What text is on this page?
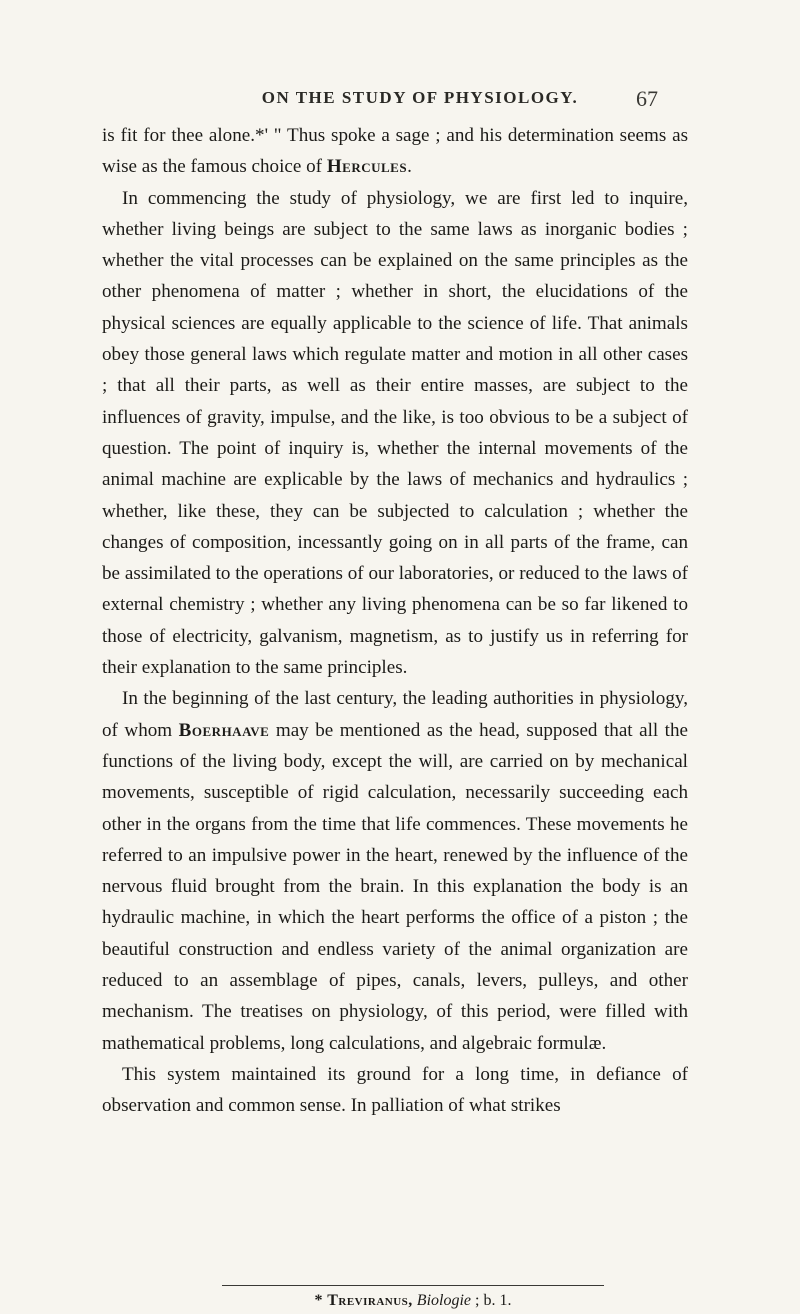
ON THE STUDY OF PHYSIOLOGY.	67

is fit for thee alone.*' " Thus spoke a sage ; and his determination seems as wise as the famous choice of Hercules.

In commencing the study of physiology, we are first led to inquire, whether living beings are subject to the same laws as inorganic bodies ; whether the vital processes can be explained on the same principles as the other phenomena of matter ; whether in short, the elucidations of the physical sciences are equally applicable to the science of life. That animals obey those general laws which regulate matter and motion in all other cases ; that all their parts, as well as their entire masses, are subject to the influences of gravity, impulse, and the like, is too obvious to be a subject of question. The point of inquiry is, whether the internal movements of the animal machine are explicable by the laws of mechanics and hydraulics ; whether, like these, they can be subjected to calculation ; whether the changes of composition, incessantly going on in all parts of the frame, can be assimilated to the operations of our laboratories, or reduced to the laws of external chemistry ; whether any living phenomena can be so far likened to those of electricity, galvanism, magnetism, as to justify us in referring for their explanation to the same principles.

In the beginning of the last century, the leading authorities in physiology, of whom Boerhaave may be mentioned as the head, supposed that all the functions of the living body, except the will, are carried on by mechanical movements, susceptible of rigid calculation, necessarily succeeding each other in the organs from the time that life commences. These movements he referred to an impulsive power in the heart, renewed by the influence of the nervous fluid brought from the brain. In this explanation the body is an hydraulic machine, in which the heart performs the office of a piston ; the beautiful construction and endless variety of the animal organization are reduced to an assemblage of pipes, canals, levers, pulleys, and other mechanism. The treatises on physiology, of this period, were filled with mathematical problems, long calculations, and algebraic formulæ.

This system maintained its ground for a long time, in defiance of observation and common sense. In palliation of what strikes

* Treviranus, Biologie ; b. 1.
